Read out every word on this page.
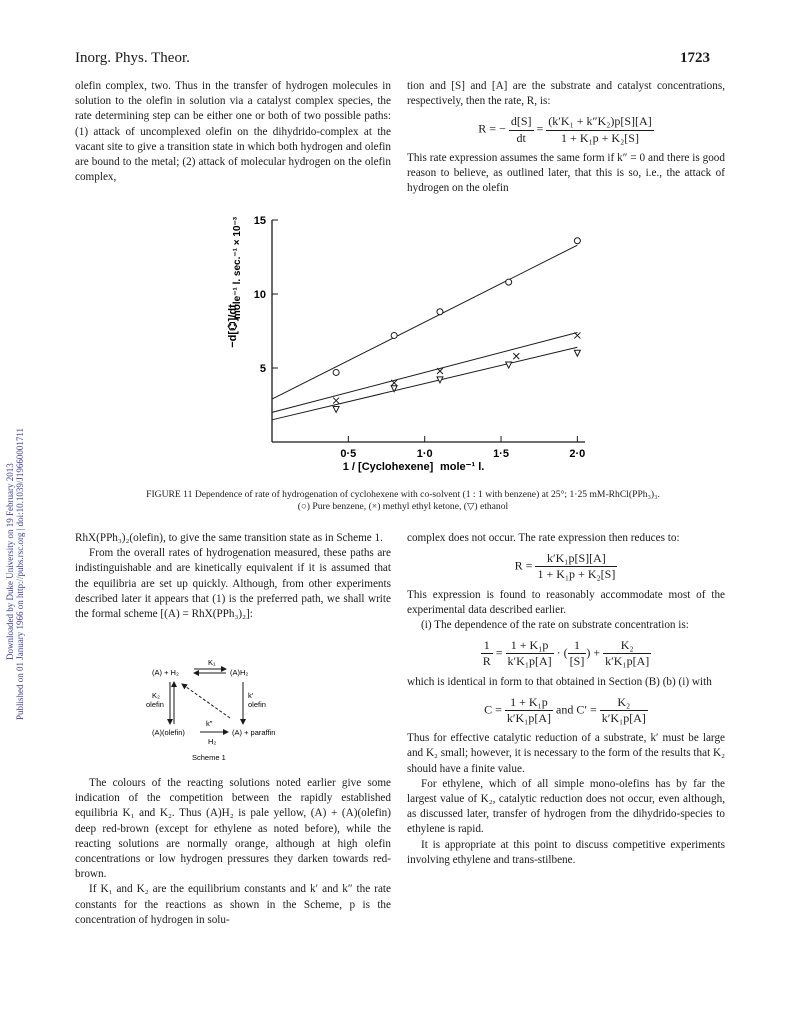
Inorg. Phys. Theor.	1723
Downloaded by Duke University on 19 February 2013 Published on 01 January 1966 on http://pubs.rsc.org | doi:10.1039/J19660001711

olefin complex, two. Thus in the transfer of hydrogen molecules in solution to the olefin in solution via a catalyst complex species, the rate determining step can be either one or both of two possible paths: (1) attack of uncomplexed olefin on the dihydrido-complex at the vacant site to give a transition state in which both hydrogen and olefin are bound to the metal; (2) attack of molecular hydrogen on the olefin complex,

tion and [S] and [A] are the substrate and catalyst concentrations, respectively, then the rate, R, is:

R = − $\frac{d[S]}{dt} = \frac{\text{(k′K₁ + k″K₂)p[S][A]}}{\text{1 + K₁p + K₂[S]}}$

This rate expression assumes the same form if k″ = 0 and there is good reason to believe, as outlined later, that this is so, i.e., the attack of hydrogen on the olefin

5
10
15
0·5	1·0	1·5	2·0
1 / [Cyclohexene] mole⁻¹ l.
−d[⌬]/dt
mole⁻¹ l. sec.⁻¹ × 10⁻³
FIGURE 11 Dependence of rate of hydrogenation of cyclohexene with co-solvent (1 : 1 with benzene) at 25°; 1·25 mM-RhCl(PPh₃)₃.
(○) Pure benzene, (×) methyl ethyl ketone, (▽) ethanol

RhX(PPh₃)₂(olefin), to give the same transition state as in Scheme 1.

From the overall rates of hydrogenation measured, these paths are indistinguishable and are kinetically equivalent if it is assumed that the equilibria are set up quickly. Although, from other experiments described later it appears that (1) is the preferred path, we shall write the formal scheme [(A) = RhX(PPh₃)₂]:

(A) + H₂	(A)H₂
K₁
K₂
olefin
k′
olefin
k″
(A)(olefin)
H₂
(A) + paraffin
Scheme 1

The colours of the reacting solutions noted earlier give some indication of the competition between the rapidly established equilibria K₁ and K₂. Thus (A)H₂ is pale yellow, (A) + (A)(olefin) deep red-brown (except for ethylene as noted before), while the reacting solutions are normally orange, although at high olefin concentrations or low hydrogen pressures they darken towards red-brown.

If K₁ and K₂ are the equilibrium constants and k′ and k″ the rate constants for the reactions as shown in the Scheme, p is the concentration of hydrogen in solu-

complex does not occur. The rate expression then reduces to:

$R = \frac{\text{k′K₁p[S][A]}}{\text{1 + K₁p + K₂[S]}}$

This expression is found to reasonably accommodate most of the experimental data described earlier.

(i) The dependence of the rate on substrate concentration is:

$\frac{1}{R} = \frac{\text{1 + K₁p}}{\text{k′K₁p[A]}}$ · ( $\frac{1}{[S]}$ ) + $\frac{\text{K₂}}{\text{k′K₁p[A]}}$

which is identical in form to that obtained in Section (B) (b) (i) with

$C = \frac{\text{1 + K₁p}}{\text{k′K₁p[A]}}$ and $C' = \frac{\text{K₂}}{\text{k′K₁p[A]}}$

Thus for effective catalytic reduction of a substrate, k′ must be large and K₂ small; however, it is necessary to the form of the results that K₂ should have a finite value.

For ethylene, which of all simple mono-olefins has by far the largest value of K₂, catalytic reduction does not occur, even although, as discussed later, transfer of hydrogen from the dihydrido-species to ethylene is rapid.

It is appropriate at this point to discuss competitive experiments involving ethylene and trans-stilbene.
